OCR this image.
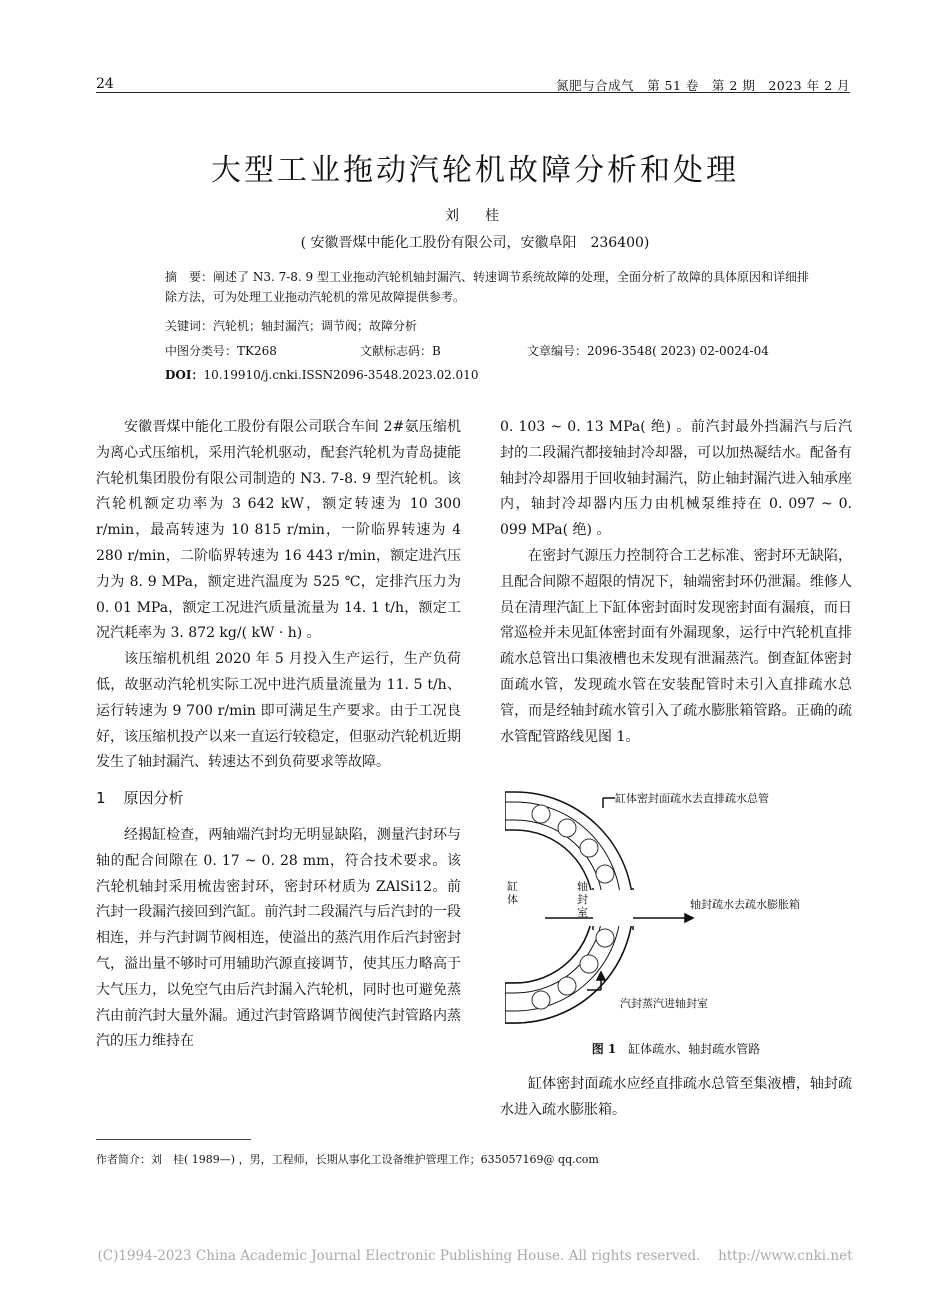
24	氮肥与合成气　第 51 卷　第 2 期　2023 年 2 月
大型工业拖动汽轮机故障分析和处理
刘　桂
( 安徽晋煤中能化工股份有限公司，安徽阜阳　236400)
摘　要：阐述了 N3. 7-8. 9 型工业拖动汽轮机轴封漏汽、转速调节系统故障的处理，全面分析了故障的具体原因和详细排除方法，可为处理工业拖动汽轮机的常见故障提供参考。
关键词：汽轮机；轴封漏汽；调节阀；故障分析
中图分类号：TK268	文献标志码：B	文章编号：2096-3548( 2023) 02-0024-04
DOI：10.19910/j.cnki.ISSN2096-3548.2023.02.010

安徽晋煤中能化工股份有限公司联合车间 2#氨压缩机为离心式压缩机，采用汽轮机驱动，配套汽轮机为青岛捷能汽轮机集团股份有限公司制造的 N3. 7-8. 9 型汽轮机。该汽轮机额定功率为 3 642 kW，额定转速为 10 300 r/min，最高转速为 10 815 r/min，一阶临界转速为 4 280 r/min，二阶临界转速为 16 443 r/min，额定进汽压力为 8. 9 MPa，额定进汽温度为 525 ℃，定排汽压力为 0. 01 MPa，额定工况进汽质量流量为 14. 1 t/h，额定工况汽耗率为 3. 872 kg/( kW · h) 。

该压缩机机组 2020 年 5 月投入生产运行，生产负荷低，故驱动汽轮机实际工况中进汽质量流量为 11. 5 t/h、运行转速为 9 700 r/min 即可满足生产要求。由于工况良好，该压缩机投产以来一直运行较稳定，但驱动汽轮机近期发生了轴封漏汽、转速达不到负荷要求等故障。

1 原因分析

经揭缸检查，两轴端汽封均无明显缺陷，测量汽封环与轴的配合间隙在 0. 17 ~ 0. 28 mm，符合技术要求。该汽轮机轴封采用梳齿密封环，密封环材质为 ZAlSi12。前汽封一段漏汽接回到汽缸。前汽封二段漏汽与后汽封的一段相连，并与汽封调节阀相连，使溢出的蒸汽用作后汽封密封气，溢出量不够时可用辅助汽源直接调节，使其压力略高于大气压力，以免空气由后汽封漏入汽轮机，同时也可避免蒸汽由前汽封大量外漏。通过汽封管路调节阀使汽封管路内蒸汽的压力维持在

0. 103 ~ 0. 13 MPa( 绝) 。前汽封最外挡漏汽与后汽封的二段漏汽都接轴封冷却器，可以加热凝结水。配备有轴封冷却器用于回收轴封漏汽，防止轴封漏汽进入轴承座内，轴封冷却器内压力由机械泵维持在 0. 097 ~ 0. 099 MPa( 绝) 。

在密封气源压力控制符合工艺标准、密封环无缺陷，且配合间隙不超限的情况下，轴端密封环仍泄漏。维修人员在清理汽缸上下缸体密封面时发现密封面有漏痕，而日常巡检并未见缸体密封面有外漏现象，运行中汽轮机直排疏水总管出口集液槽也未发现有泄漏蒸汽。倒查缸体密封面疏水管，发现疏水管在安装配管时未引入直排疏水总管，而是经轴封疏水管引入了疏水膨胀箱管路。正确的疏水管配管路线见图 1。

缸体密封面疏水去直排疏水总管
缸体
轴封室
轴封疏水去疏水膨胀箱
汽封蒸汽进轴封室
图 1　 缸体疏水、轴封疏水管路

缸体密封面疏水应经直排疏水总管至集液槽，轴封疏水进入疏水膨胀箱。

作者简介：刘　桂( 1989—) ，男，工程师，长期从事化工设备维护管理工作；635057169@ qq.com
(C)1994-2023 China Academic Journal Electronic Publishing House. All rights reserved.　 http://www.cnki.net
